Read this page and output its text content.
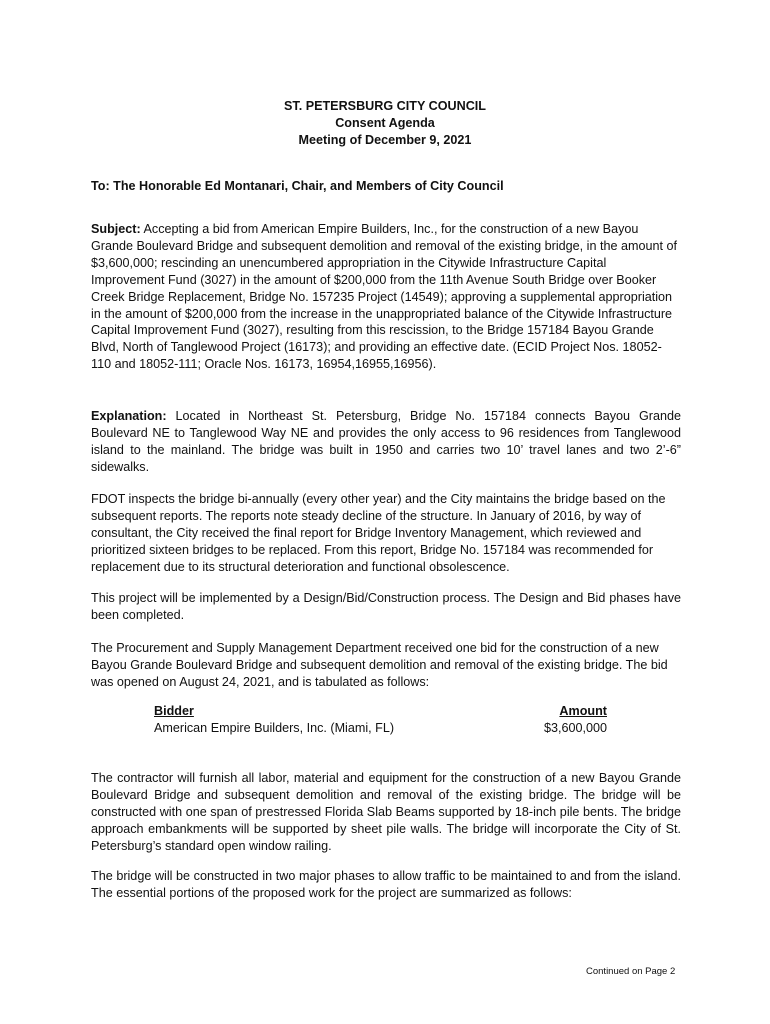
ST. PETERSBURG CITY COUNCIL
Consent Agenda
Meeting of December 9, 2021
To: The Honorable Ed Montanari, Chair, and Members of City Council

Subject: Accepting a bid from American Empire Builders, Inc., for the construction of a new Bayou Grande Boulevard Bridge and subsequent demolition and removal of the existing bridge, in the amount of $3,600,000; rescinding an unencumbered appropriation in the Citywide Infrastructure Capital Improvement Fund (3027) in the amount of $200,000 from the 11th Avenue South Bridge over Booker Creek Bridge Replacement, Bridge No. 157235 Project (14549); approving a supplemental appropriation in the amount of $200,000 from the increase in the unappropriated balance of the Citywide Infrastructure Capital Improvement Fund (3027), resulting from this rescission, to the Bridge 157184 Bayou Grande Blvd, North of Tanglewood Project (16173); and providing an effective date. (ECID Project Nos. 18052-110 and 18052-111; Oracle Nos. 16173, 16954,16955,16956).

Explanation: Located in Northeast St. Petersburg, Bridge No. 157184 connects Bayou Grande Boulevard NE to Tanglewood Way NE and provides the only access to 96 residences from Tanglewood island to the mainland. The bridge was built in 1950 and carries two 10’ travel lanes and two 2’-6” sidewalks.

FDOT inspects the bridge bi-annually (every other year) and the City maintains the bridge based on the subsequent reports. The reports note steady decline of the structure. In January of 2016, by way of consultant, the City received the final report for Bridge Inventory Management, which reviewed and prioritized sixteen bridges to be replaced. From this report, Bridge No. 157184 was recommended for replacement due to its structural deterioration and functional obsolescence.

This project will be implemented by a Design/Bid/Construction process. The Design and Bid phases have been completed.

The Procurement and Supply Management Department received one bid for the construction of a new Bayou Grande Boulevard Bridge and subsequent demolition and removal of the existing bridge. The bid was opened on August 24, 2021, and is tabulated as follows:

Bidder	Amount
American Empire Builders, Inc. (Miami, FL)	$3,600,000

The contractor will furnish all labor, material and equipment for the construction of a new Bayou Grande Boulevard Bridge and subsequent demolition and removal of the existing bridge. The bridge will be constructed with one span of prestressed Florida Slab Beams supported by 18-inch pile bents. The bridge approach embankments will be supported by sheet pile walls. The bridge will incorporate the City of St. Petersburg’s standard open window railing.

The bridge will be constructed in two major phases to allow traffic to be maintained to and from the island. The essential portions of the proposed work for the project are summarized as follows:

Continued on Page 2
